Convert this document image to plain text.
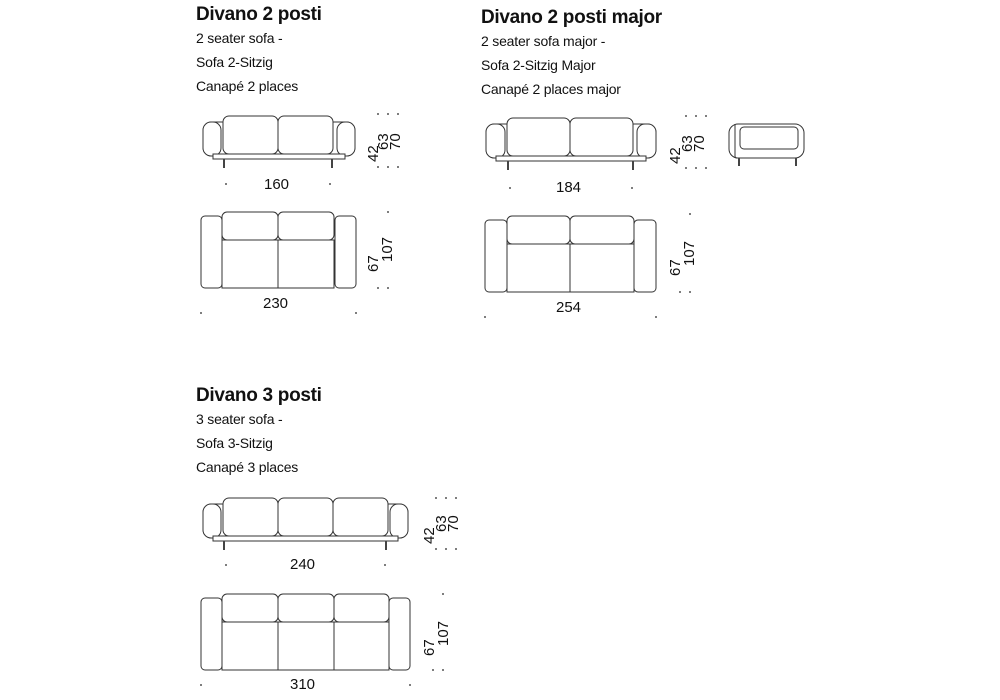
Divano 2 posti
2 seater sofa -
Sofa 2-Sitzig
Canapé 2 places
Divano 2 posti major
2 seater sofa major -
Sofa 2-Sitzig Major
Canapé 2 places major
Divano 3 posti
3 seater sofa -
Sofa 3-Sitzig
Canapé 3 places
160
230
42
63
70
67
107
184
254
42
63
70
67
107
240
310
42
63
70
67
107
